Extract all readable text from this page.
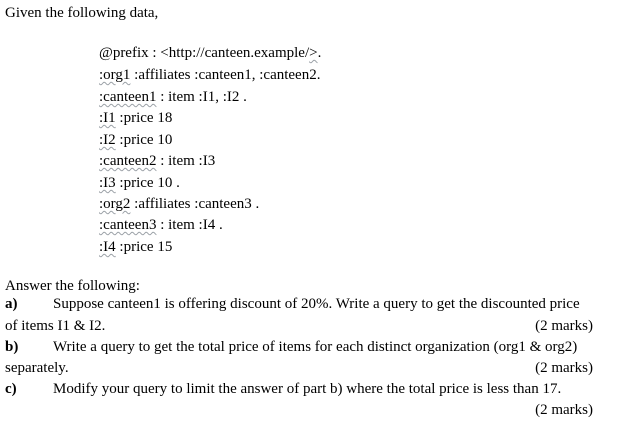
Given the following data,
@prefix : <http://canteen.example/>.
:org1 :affiliates :canteen1, :canteen2.
:canteen1 : item :I1, :I2 .
:I1 :price 18
:I2 :price 10
:canteen2 : item :I3
:I3 :price 10 .
:org2 :affiliates :canteen3 .
:canteen3 : item :I4 .
:I4 :price 15
Answer the following:
a) Suppose canteen1 is offering discount of 20%. Write a query to get the discounted price
of items I1 & I2.	(2 marks)
b) Write a query to get the total price of items for each distinct organization (org1 & org2)
separately.	(2 marks)
c) Modify your query to limit the answer of part b) where the total price is less than 17.
(2 marks)
